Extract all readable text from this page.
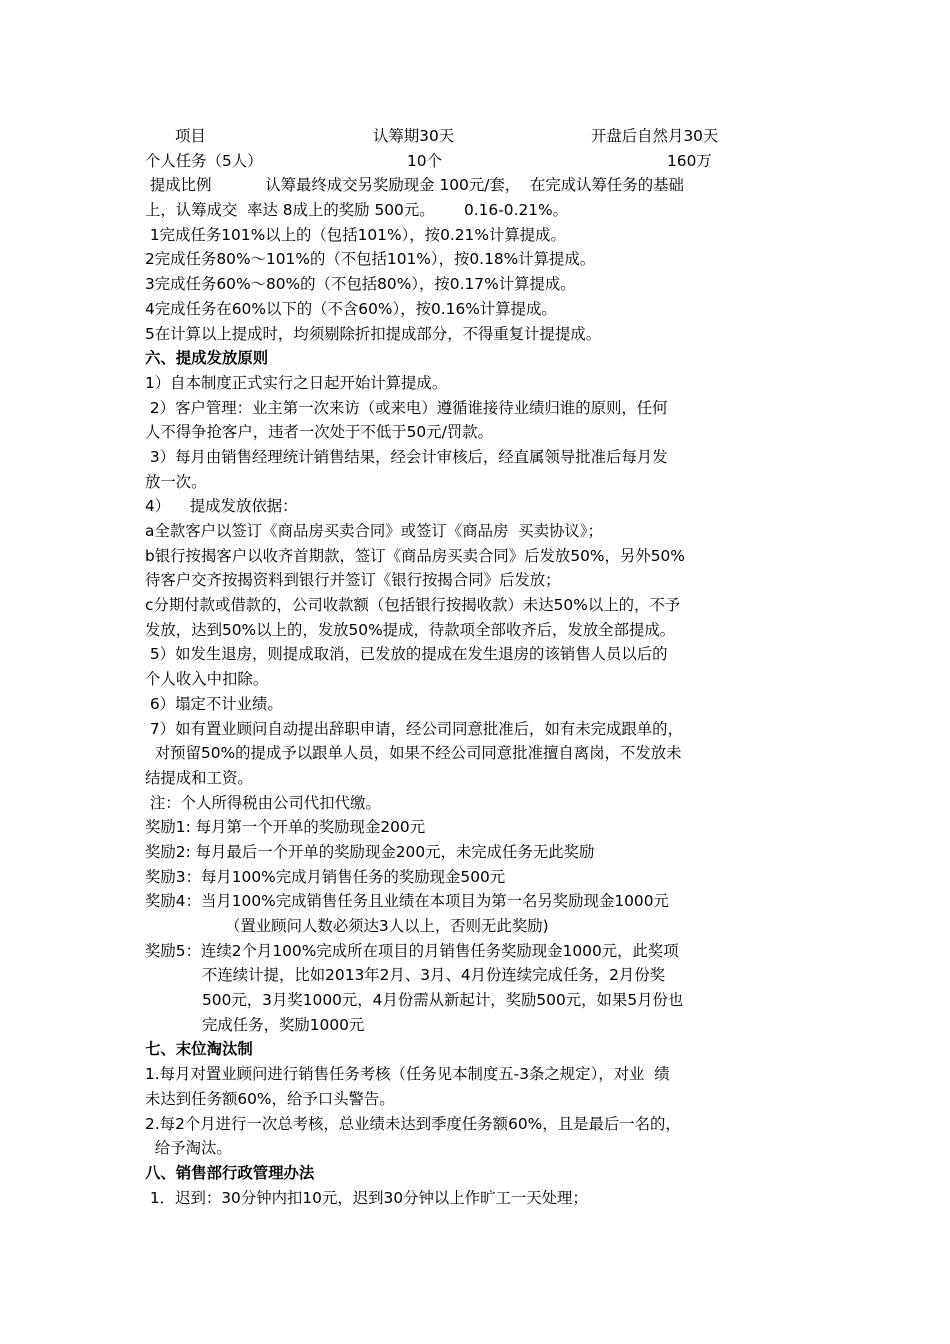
项目	认筹期30天	开盘后自然月30天
个人任务（5人）	10个	160万
提成比例           认筹最终成交另奖励现金 100元/套，  在完成认筹任务的基础
上，认筹成交  率达 8成上的奖励 500元。      0.16-0.21%。
1完成任务101%以上的（包括101%），按0.21%计算提成。
2完成任务80%～101%的（不包括101%），按0.18%计算提成。
3完成任务60%～80%的（不包括80%），按0.17%计算提成。
4完成任务在60%以下的（不含60%），按0.16%计算提成。
5在计算以上提成时，均须剔除折扣提成部分，不得重复计提提成。
六、提成发放原则
1）自本制度正式实行之日起开始计算提成。
2）客户管理：业主第一次来访（或来电）遵循谁接待业绩归谁的原则，任何
人不得争抢客户，违者一次处于不低于50元/罚款。
3）每月由销售经理统计销售结果，经会计审核后，经直属领导批准后每月发
放一次。
4）    提成发放依据：
a全款客户以签订《商品房买卖合同》或签订《商品房  买卖协议》；
b银行按揭客户以收齐首期款，签订《商品房买卖合同》后发放50%，另外50%
待客户交齐按揭资料到银行并签订《银行按揭合同》后发放；
c分期付款或借款的，公司收款额（包括银行按揭收款）未达50%以上的，不予
发放，达到50%以上的，发放50%提成，待款项全部收齐后，发放全部提成。
5）如发生退房，则提成取消，已发放的提成在发生退房的该销售人员以后的
个人收入中扣除。
6）塌定不计业绩。
7）如有置业顾问自动提出辞职申请，经公司同意批准后，如有未完成跟单的，
对预留50%的提成予以跟单人员，如果不经公司同意批准擅自离岗，不发放未
结提成和工资。
注：个人所得税由公司代扣代缴。
奖励1: 每月第一个开单的奖励现金200元
奖励2: 每月最后一个开单的奖励现金200元，未完成任务无此奖励
奖励3：每月100%完成月销售任务的奖励现金500元
奖励4：当月100%完成销售任务且业绩在本项目为第一名另奖励现金1000元
（置业顾问人数必须达3人以上，否则无此奖励)
奖励5：连续2个月100%完成所在项目的月销售任务奖励现金1000元，此奖项
不连续计提，比如2013年2月、3月、4月份连续完成任务，2月份奖
500元，3月奖1000元，4月份需从新起计，奖励500元，如果5月份也
完成任务，奖励1000元
七、末位淘汰制
1.每月对置业顾问进行销售任务考核（任务见本制度五-3条之规定），对业  绩
未达到任务额60%，给予口头警告。
2.每2个月进行一次总考核，总业绩未达到季度任务额60%，且是最后一名的，
给予淘汰。
八、销售部行政管理办法
1．迟到：30分钟内扣10元，迟到30分钟以上作旷工一天处理；
